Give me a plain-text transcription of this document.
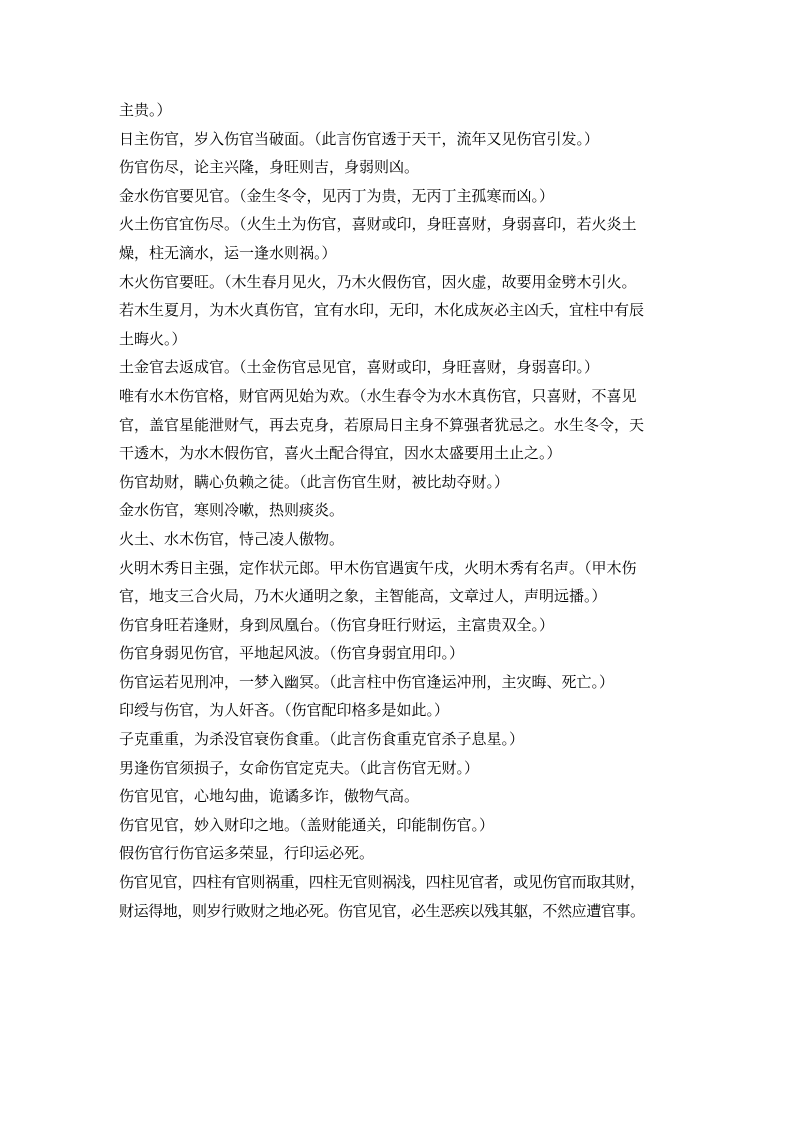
主贵。）
日主伤官，岁入伤官当破面。（此言伤官透于天干，流年又见伤官引发。）
伤官伤尽，论主兴隆，身旺则吉，身弱则凶。
金水伤官要见官。（金生冬令，见丙丁为贵，无丙丁主孤寒而凶。）
火土伤官宜伤尽。（火生土为伤官，喜财或印，身旺喜财，身弱喜印，若火炎土
燥，柱无滴水，运一逢水则祸。）
木火伤官要旺。（木生春月见火，乃木火假伤官，因火虚，故要用金劈木引火。
若木生夏月，为木火真伤官，宜有水印，无印，木化成灰必主凶夭，宜柱中有辰
土晦火。）
土金官去返成官。（土金伤官忌见官，喜财或印，身旺喜财，身弱喜印。）
唯有水木伤官格，财官两见始为欢。（水生春令为水木真伤官，只喜财，不喜见
官，盖官星能泄财气，再去克身，若原局日主身不算强者犹忌之。水生冬令，天
干透木，为水木假伤官，喜火土配合得宜，因水太盛要用土止之。）
伤官劫财，瞒心负赖之徒。（此言伤官生财，被比劫夺财。）
金水伤官，寒则冷嗽，热则痰炎。
火土、水木伤官，恃己凌人傲物。
火明木秀日主强，定作状元郎。甲木伤官遇寅午戌，火明木秀有名声。（甲木伤
官，地支三合火局，乃木火通明之象，主智能高，文章过人，声明远播。）
伤官身旺若逢财，身到凤凰台。（伤官身旺行财运，主富贵双全。）
伤官身弱见伤官，平地起风波。（伤官身弱宜用印。）
伤官运若见刑冲，一梦入幽冥。（此言柱中伤官逢运冲刑，主灾晦、死亡。）
印绶与伤官，为人奸吝。（伤官配印格多是如此。）
子克重重，为杀没官衰伤食重。（此言伤食重克官杀子息星。）
男逢伤官须损子，女命伤官定克夫。（此言伤官无财。）
伤官见官，心地勾曲，诡谲多诈，傲物气高。
伤官见官，妙入财印之地。（盖财能通关，印能制伤官。）
假伤官行伤官运多荣显，行印运必死。
伤官见官，四柱有官则祸重，四柱无官则祸浅，四柱见官者，或见伤官而取其财，
财运得地，则岁行败财之地必死。伤官见官，必生恶疾以残其躯，不然应遭官事。
